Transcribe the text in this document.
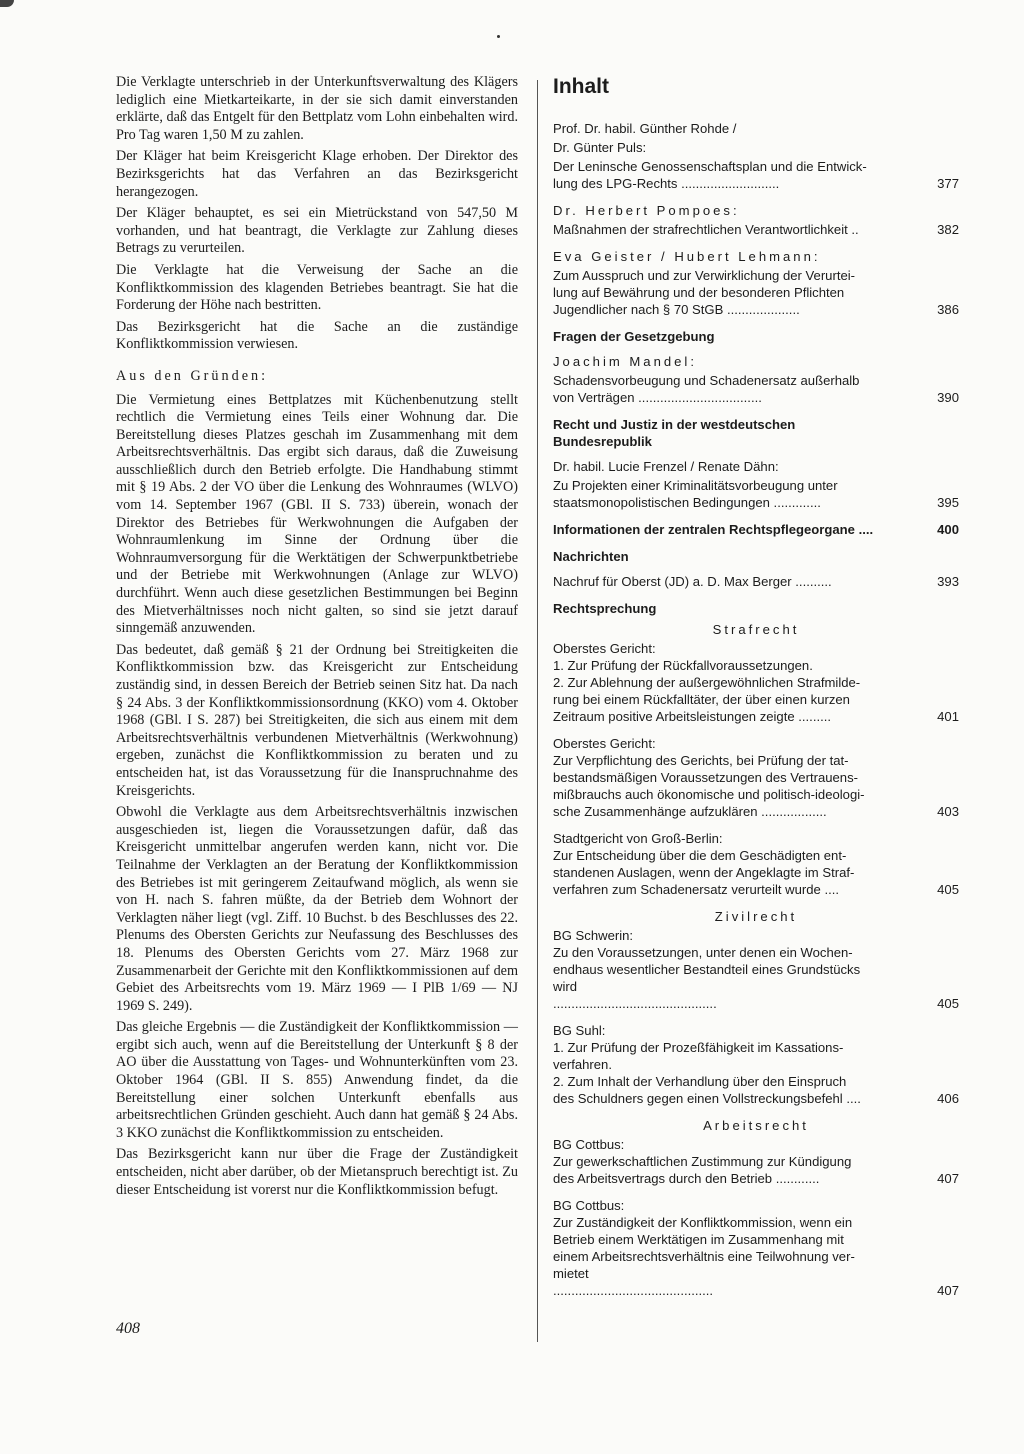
Die Verklagte unterschrieb in der Unterkunftsverwaltung des Klägers lediglich eine Mietkarteikarte, in der sie sich damit einverstanden erklärte, daß das Entgelt für den Bettplatz vom Lohn einbehalten wird. Pro Tag waren 1,50 M zu zahlen.

Der Kläger hat beim Kreisgericht Klage erhoben. Der Direktor des Bezirksgerichts hat das Verfahren an das Bezirksgericht herangezogen.

Der Kläger behauptet, es sei ein Mietrückstand von 547,50 M vorhanden, und hat beantragt, die Verklagte zur Zahlung dieses Betrags zu verurteilen.

Die Verklagte hat die Verweisung der Sache an die Konfliktkommission des klagenden Betriebes beantragt. Sie hat die Forderung der Höhe nach bestritten.

Das Bezirksgericht hat die Sache an die zuständige Konfliktkommission verwiesen.

Aus den Gründen:

Die Vermietung eines Bettplatzes mit Küchenbenutzung stellt rechtlich die Vermietung eines Teils einer Wohnung dar. Die Bereitstellung dieses Platzes geschah im Zusammenhang mit dem Arbeitsrechtsverhältnis. Das ergibt sich daraus, daß die Zuweisung ausschließlich durch den Betrieb erfolgte. Die Handhabung stimmt mit § 19 Abs. 2 der VO über die Lenkung des Wohnraumes (WLVO) vom 14. September 1967 (GBl. II S. 733) überein, wonach der Direktor des Betriebes für Werkwohnungen die Aufgaben der Wohnraumlenkung im Sinne der Ordnung über die Wohnraumversorgung für die Werktätigen der Schwerpunktbetriebe und der Betriebe mit Werkwohnungen (Anlage zur WLVO) durchführt. Wenn auch diese gesetzlichen Bestimmungen bei Beginn des Mietverhältnisses noch nicht galten, so sind sie jetzt darauf sinngemäß anzuwenden.

Das bedeutet, daß gemäß § 21 der Ordnung bei Streitigkeiten die Konfliktkommission bzw. das Kreisgericht zur Entscheidung zuständig sind, in dessen Bereich der Betrieb seinen Sitz hat. Da nach § 24 Abs. 3 der Konfliktkommissionsordnung (KKO) vom 4. Oktober 1968 (GBl. I S. 287) bei Streitigkeiten, die sich aus einem mit dem Arbeitsrechtsverhältnis verbundenen Mietverhältnis (Werkwohnung) ergeben, zunächst die Konfliktkommission zu beraten und zu entscheiden hat, ist das Voraussetzung für die Inanspruchnahme des Kreisgerichts.

Obwohl die Verklagte aus dem Arbeitsrechtsverhältnis inzwischen ausgeschieden ist, liegen die Voraussetzungen dafür, daß das Kreisgericht unmittelbar angerufen werden kann, nicht vor. Die Teilnahme der Verklagten an der Beratung der Konfliktkommission des Betriebes ist mit geringerem Zeitaufwand möglich, als wenn sie von H. nach S. fahren müßte, da der Betrieb dem Wohnort der Verklagten näher liegt (vgl. Ziff. 10 Buchst. b des Beschlusses des 22. Plenums des Obersten Gerichts zur Neufassung des Beschlusses des 18. Plenums des Obersten Gerichts vom 27. März 1968 zur Zusammenarbeit der Gerichte mit den Konfliktkommissionen auf dem Gebiet des Arbeitsrechts vom 19. März 1969 — I PlB 1/69 — NJ 1969 S. 249).

Das gleiche Ergebnis — die Zuständigkeit der Konfliktkommission — ergibt sich auch, wenn auf die Bereitstellung der Unterkunft § 8 der AO über die Ausstattung von Tages- und Wohnunterkünften vom 23. Oktober 1964 (GBl. II S. 855) Anwendung findet, da die Bereitstellung einer solchen Unterkunft ebenfalls aus arbeitsrechtlichen Gründen geschieht. Auch dann hat gemäß § 24 Abs. 3 KKO zunächst die Konfliktkommission zu entscheiden.

Das Bezirksgericht kann nur über die Frage der Zuständigkeit entscheiden, nicht aber darüber, ob der Mietanspruch berechtigt ist. Zu dieser Entscheidung ist vorerst nur die Konfliktkommission befugt.

408
Inhalt
Prof. Dr. habil. Günther Rohde /
Dr. Günter Puls:
Der Leninsche Genossenschaftsplan und die Entwick-
lung des LPG-Rechts ...........................	377
Dr. Herbert Pompoes:
Maßnahmen der strafrechtlichen Verantwortlichkeit ..	382
Eva Geister / Hubert Lehmann:
Zum Ausspruch und zur Verwirklichung der Verurtei-
lung auf Bewährung und der besonderen Pflichten
Jugendlicher nach § 70 StGB ....................	386
Fragen der Gesetzgebung
Joachim Mandel:
Schadensvorbeugung und Schadenersatz außerhalb
von Verträgen ..................................	390
Recht und Justiz in der westdeutschen
Bundesrepublik
Dr. habil. Lucie Frenzel / Renate Dähn:
Zu Projekten einer Kriminalitätsvorbeugung unter
staatsmonopolistischen Bedingungen .............	395
Informationen der zentralen Rechtspflegeorgane ....	400
Nachrichten
Nachruf für Oberst (JD) a. D. Max Berger ..........	393
Rechtsprechung
Strafrecht
Oberstes Gericht:
1. Zur Prüfung der Rückfallvoraussetzungen.
2. Zur Ablehnung der außergewöhnlichen Strafmilde-
rung bei einem Rückfalltäter, der über einen kurzen
Zeitraum positive Arbeitsleistungen zeigte .........	401
Oberstes Gericht:
Zur Verpflichtung des Gerichts, bei Prüfung der tat-
bestandsmäßigen Voraussetzungen des Vertrauens-
mißbrauchs auch ökonomische und politisch-ideologi-
sche Zusammenhänge aufzuklären ..................	403
Stadtgericht von Groß-Berlin:
Zur Entscheidung über die dem Geschädigten ent-
standenen Auslagen, wenn der Angeklagte im Straf-
verfahren zum Schadenersatz verurteilt wurde ....	405
Zivilrecht
BG Schwerin:
Zu den Voraussetzungen, unter denen ein Wochen-
endhaus wesentlicher Bestandteil eines Grundstücks
wird
.............................................	405
BG Suhl:
1. Zur Prüfung der Prozeßfähigkeit im Kassations-
verfahren.
2. Zum Inhalt der Verhandlung über den Einspruch
des Schuldners gegen einen Vollstreckungsbefehl ....	406
Arbeitsrecht
BG Cottbus:
Zur gewerkschaftlichen Zustimmung zur Kündigung
des Arbeitsvertrags durch den Betrieb ............	407
BG Cottbus:
Zur Zuständigkeit der Konfliktkommission, wenn ein
Betrieb einem Werktätigen im Zusammenhang mit
einem Arbeitsrechtsverhältnis eine Teilwohnung ver-
mietet
............................................	407
